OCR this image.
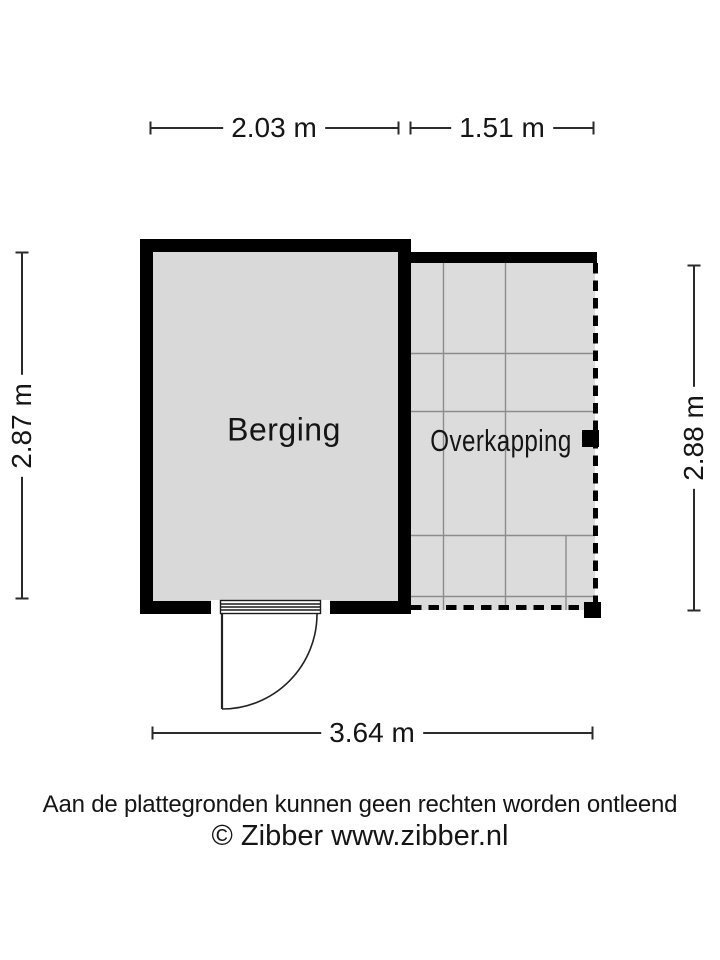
2.03 m	1.51 m
2.87 m	2.88 m
3.64 m
Berging	Overkapping
Aan de plattegronden kunnen geen rechten worden ontleend
© Zibber www.zibber.nl
